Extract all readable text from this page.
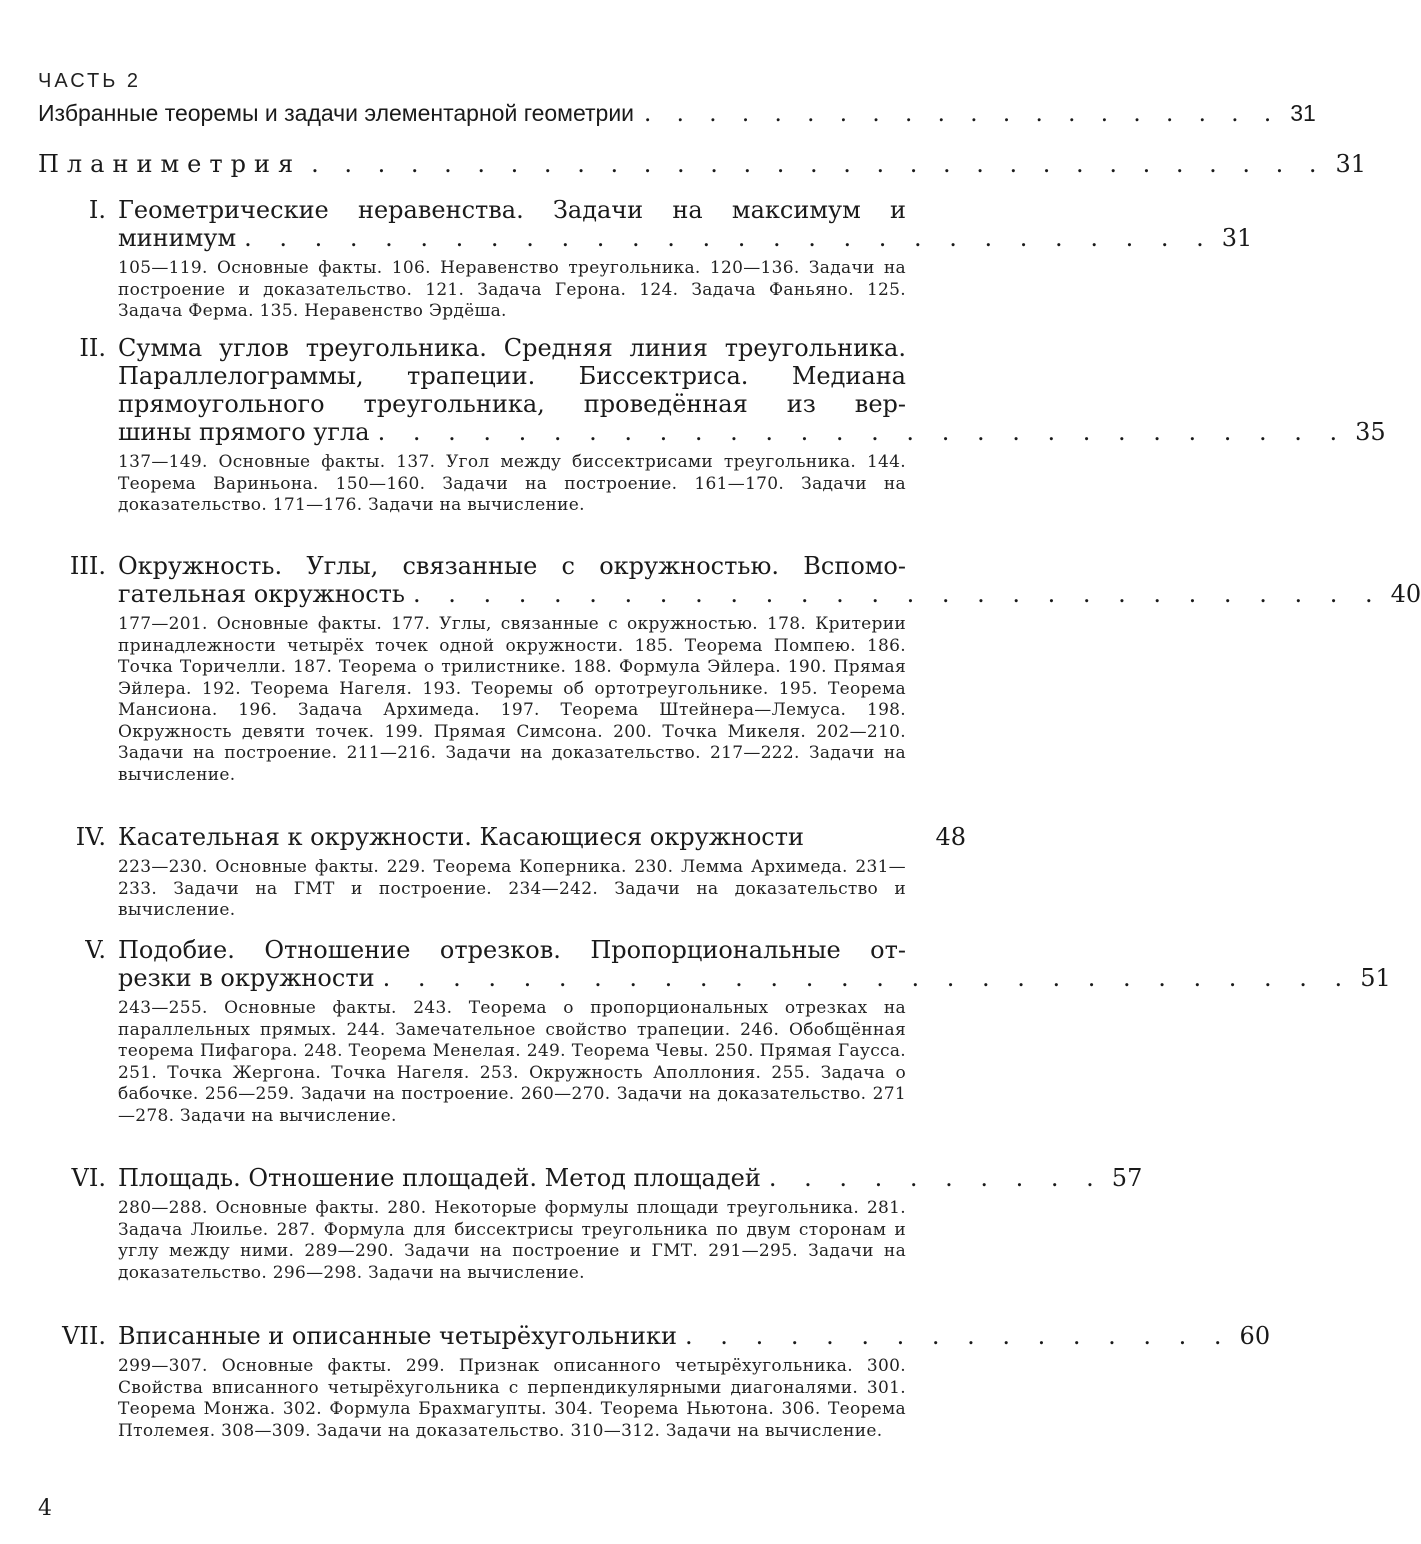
ЧАСТЬ 2
Избранные теоремы и задачи элементарной геометрии . . . . . . . . . . . . . . . . . . . . 31
Планиметрия . . . . . . . . . . . . . . . . . . . . . . . . . . . . . . . 31
I. Геометрические неравенства. Задачи на максимум и
минимум . . . . . . . . . . . . . . . . . . . . . . . . . . . . 31
105—119. Основные факты. 106. Неравенство треугольника. 120—136. Задачи на построение и доказательство. 121. Задача Герона. 124. Задача Фаньяно. 125. Задача Ферма. 135. Неравенство Эрдёша.
II. Сумма углов треугольника. Средняя линия треугольника. Параллелограммы, трапеции. Биссектриса. Медиана прямоугольного треугольника, проведённая из вер-
шины прямого угла . . . . . . . . . . . . . . . . . . . . . . . . . . . . 35
137—149. Основные факты. 137. Угол между биссектрисами треугольника. 144. Теорема Вариньона. 150—160. Задачи на построение. 161—170. Задачи на доказательство. 171—176. Задачи на вычисление.
III. Окружность. Углы, связанные с окружностью. Вспомо-
гательная окружность . . . . . . . . . . . . . . . . . . . . . . . . . . . . 40
177—201. Основные факты. 177. Углы, связанные с окружностью. 178. Критерии принадлежности четырёх точек одной окружности. 185. Теорема Помпею. 186. Точка Торичелли. 187. Теорема о трилистнике. 188. Формула Эйлера. 190. Прямая Эйлера. 192. Теорема Нагеля. 193. Теоремы об ортотреугольнике. 195. Теорема Мансиона. 196. Задача Архимеда. 197. Теорема Штейнера—Лемуса. 198. Окружность девяти точек. 199. Прямая Симсона. 200. Точка Микеля. 202—210. Задачи на построение. 211—216. Задачи на доказательство. 217—222. Задачи на вычисление.
IV. Касательная к окружности. Касающиеся окружности	48
223—230. Основные факты. 229. Теорема Коперника. 230. Лемма Архимеда. 231—233. Задачи на ГМТ и построение. 234—242. Задачи на доказательство и вычисление.
V. Подобие. Отношение отрезков. Пропорциональные от-
резки в окружности . . . . . . . . . . . . . . . . . . . . . . . . . . . . 51
243—255. Основные факты. 243. Теорема о пропорциональных отрезках на параллельных прямых. 244. Замечательное свойство трапеции. 246. Обобщённая теорема Пифагора. 248. Теорема Менелая. 249. Теорема Чевы. 250. Прямая Гаусса. 251. Точка Жергона. Точка Нагеля. 253. Окружность Аполлония. 255. Задача о бабочке. 256—259. Задачи на построение. 260—270. Задачи на доказательство. 271—278. Задачи на вычисление.
VI. Площадь. Отношение площадей. Метод площадей . . . . . . . . . . 57
280—288. Основные факты. 280. Некоторые формулы площади треугольника. 281. Задача Люилье. 287. Формула для биссектрисы треугольника по двум сторонам и углу между ними. 289—290. Задачи на построение и ГМТ. 291—295. Задачи на доказательство. 296—298. Задачи на вычисление.
VII. Вписанные и описанные четырёхугольники . . . . . . . . . . . . . . . . 60
299—307. Основные факты. 299. Признак описанного четырёхугольника. 300. Свойства вписанного четырёхугольника с перпендикулярными диагоналями. 301. Теорема Монжа. 302. Формула Брахмагупты. 304. Теорема Ньютона. 306. Теорема Птолемея. 308—309. Задачи на доказательство. 310—312. Задачи на вычисление.
4
